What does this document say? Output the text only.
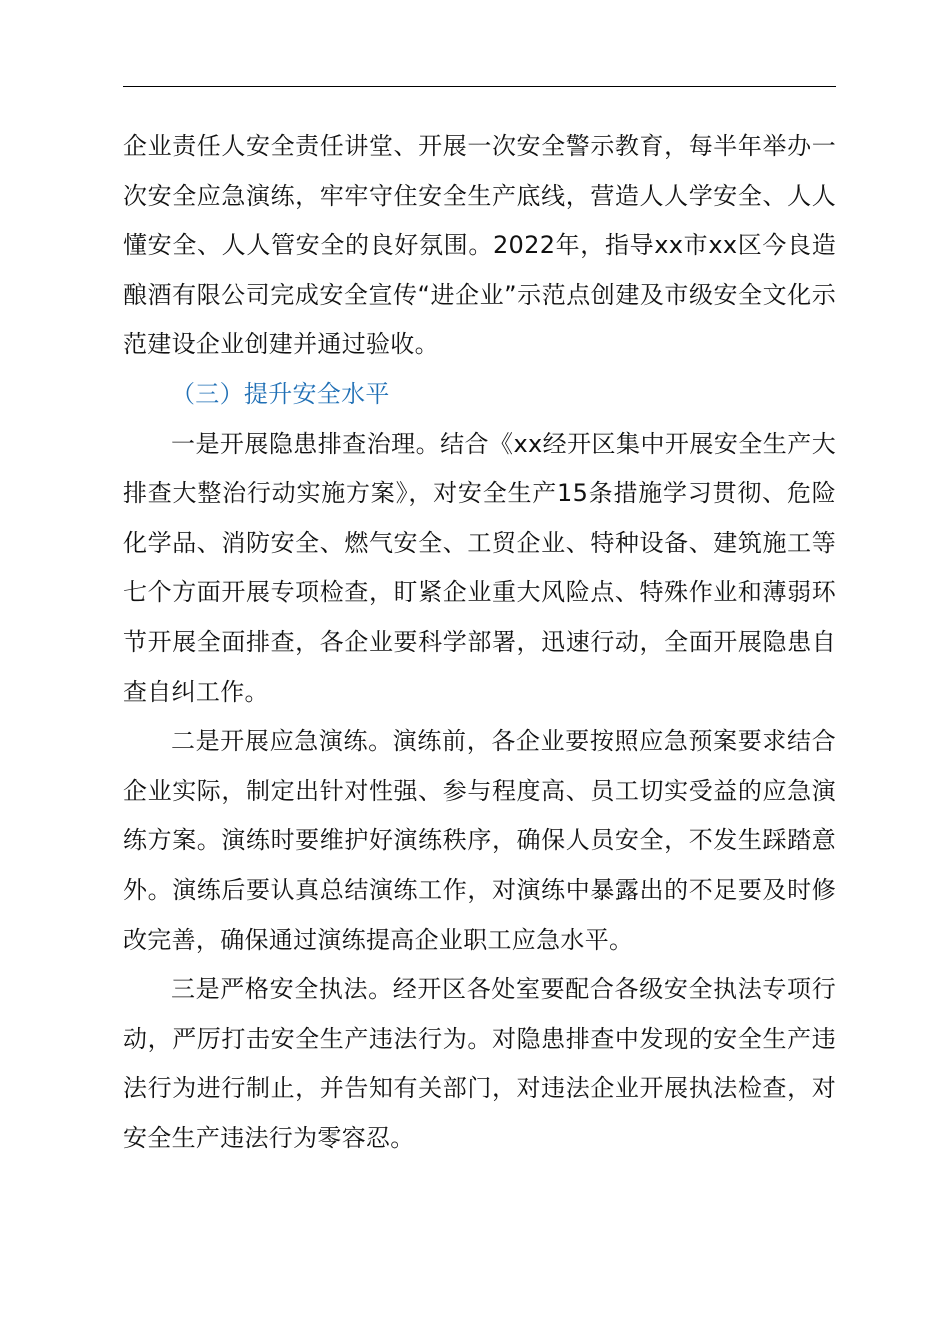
企业责任人安全责任讲堂、开展一次安全警示教育，每半年举办一次安全应急演练，牢牢守住安全生产底线，营造人人学安全、人人懂安全、人人管安全的良好氛围。2022年，指导xx市xx区今良造酿酒有限公司完成安全宣传“进企业”示范点创建及市级安全文化示范建设企业创建并通过验收。

（三）提升安全水平

一是开展隐患排查治理。结合《xx经开区集中开展安全生产大排查大整治行动实施方案》，对安全生产15条措施学习贯彻、危险化学品、消防安全、燃气安全、工贸企业、特种设备、建筑施工等七个方面开展专项检查，盯紧企业重大风险点、特殊作业和薄弱环节开展全面排查，各企业要科学部署，迅速行动，全面开展隐患自查自纠工作。

二是开展应急演练。演练前，各企业要按照应急预案要求结合企业实际，制定出针对性强、参与程度高、员工切实受益的应急演练方案。演练时要维护好演练秩序，确保人员安全，不发生踩踏意外。演练后要认真总结演练工作，对演练中暴露出的不足要及时修改完善，确保通过演练提高企业职工应急水平。

三是严格安全执法。经开区各处室要配合各级安全执法专项行动，严厉打击安全生产违法行为。对隐患排查中发现的安全生产违法行为进行制止，并告知有关部门，对违法企业开展执法检查，对安全生产违法行为零容忍。
